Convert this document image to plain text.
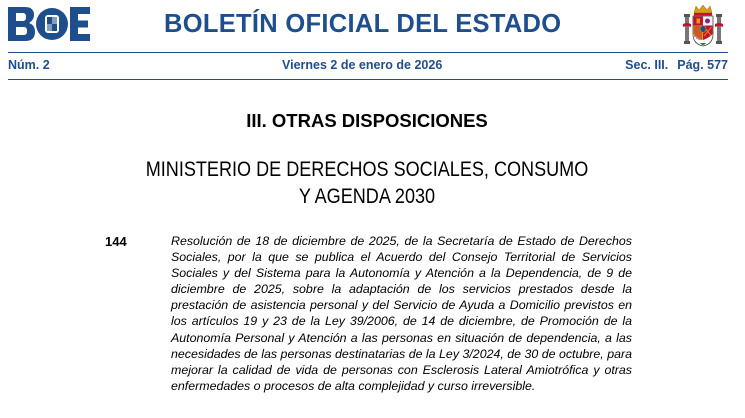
BOLETÍN OFICIAL DEL ESTADO
Núm. 2	Viernes 2 de enero de 2026	Sec. III. Pág. 577
III. OTRAS DISPOSICIONES
MINISTERIO DE DERECHOS SOCIALES, CONSUMO
Y AGENDA 2030
144	Resolución de 18 de diciembre de 2025, de la Secretaría de Estado de Derechos Sociales, por la que se publica el Acuerdo del Consejo Territorial de Servicios Sociales y del Sistema para la Autonomía y Atención a la Dependencia, de 9 de diciembre de 2025, sobre la adaptación de los servicios prestados desde la prestación de asistencia personal y del Servicio de Ayuda a Domicilio previstos en los artículos 19 y 23 de la Ley 39/2006, de 14 de diciembre, de Promoción de la Autonomía Personal y Atención a las personas en situación de dependencia, a las necesidades de las personas destinatarias de la Ley 3/2024, de 30 de octubre, para mejorar la calidad de vida de personas con Esclerosis Lateral Amiotrófica y otras enfermedades o procesos de alta complejidad y curso irreversible.
